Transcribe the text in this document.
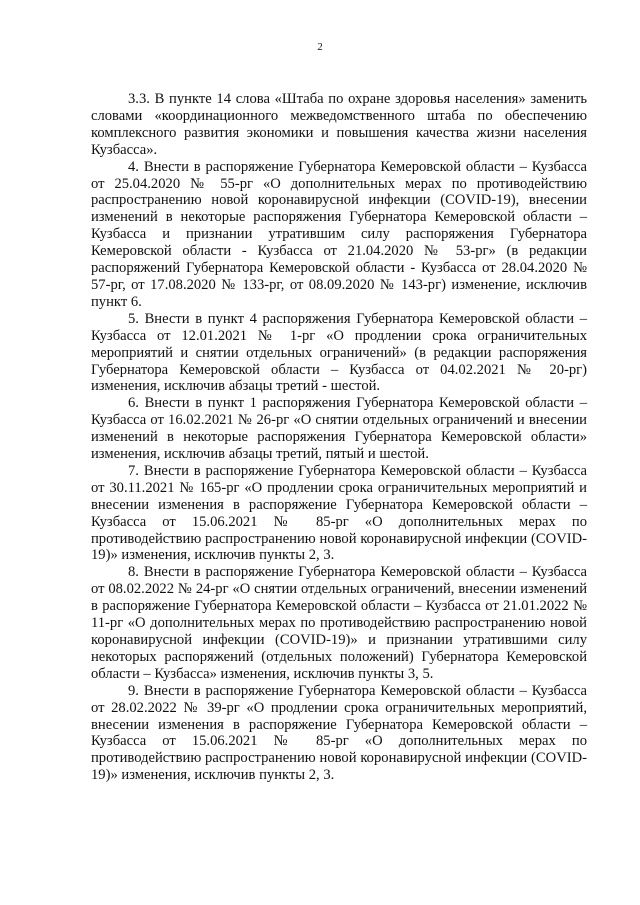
2

3.3. В пункте 14 слова «Штаба по охране здоровья населения» заменить словами «координационного межведомственного штаба по обеспечению комплексного развития экономики и повышения качества жизни населения Кузбасса».

4. Внести в распоряжение Губернатора Кемеровской области – Кузбасса от 25.04.2020 № 55-рг «О дополнительных мерах по противодействию распространению новой коронавирусной инфекции (COVID-19), внесении изменений в некоторые распоряжения Губернатора Кемеровской области – Кузбасса и признании утратившим силу распоряжения Губернатора Кемеровской области - Кузбасса от 21.04.2020 № 53-рг» (в редакции распоряжений Губернатора Кемеровской области - Кузбасса от 28.04.2020 № 57-рг, от 17.08.2020 № 133-рг, от 08.09.2020 № 143-рг) изменение, исключив пункт 6.

5. Внести в пункт 4 распоряжения Губернатора Кемеровской области – Кузбасса от 12.01.2021 № 1-рг «О продлении срока ограничительных мероприятий и снятии отдельных ограничений» (в редакции распоряжения Губернатора Кемеровской области – Кузбасса от 04.02.2021 № 20-рг) изменения, исключив абзацы третий - шестой.

6. Внести в пункт 1 распоряжения Губернатора Кемеровской области – Кузбасса от 16.02.2021 № 26-рг «О снятии отдельных ограничений и внесении изменений в некоторые распоряжения Губернатора Кемеровской области» изменения, исключив абзацы третий, пятый и шестой.

7. Внести в распоряжение Губернатора Кемеровской области – Кузбасса от 30.11.2021 № 165-рг «О продлении срока ограничительных мероприятий и внесении изменения в распоряжение Губернатора Кемеровской области – Кузбасса от 15.06.2021 № 85-рг «О дополнительных мерах по противодействию распространению новой коронавирусной инфекции (COVID-19)» изменения, исключив пункты 2, 3.

8. Внести в распоряжение Губернатора Кемеровской области – Кузбасса от 08.02.2022 № 24-рг «О снятии отдельных ограничений, внесении изменений в распоряжение Губернатора Кемеровской области – Кузбасса от 21.01.2022 № 11-рг «О дополнительных мерах по противодействию распространению новой коронавирусной инфекции (COVID-19)» и признании утратившими силу некоторых распоряжений (отдельных положений) Губернатора Кемеровской области – Кузбасса» изменения, исключив пункты 3, 5.

9. Внести в распоряжение Губернатора Кемеровской области – Кузбасса от 28.02.2022 № 39-рг «О продлении срока ограничительных мероприятий, внесении изменения в распоряжение Губернатора Кемеровской области – Кузбасса от 15.06.2021 № 85-рг «О дополнительных мерах по противодействию распространению новой коронавирусной инфекции (COVID-19)» изменения, исключив пункты 2, 3.
